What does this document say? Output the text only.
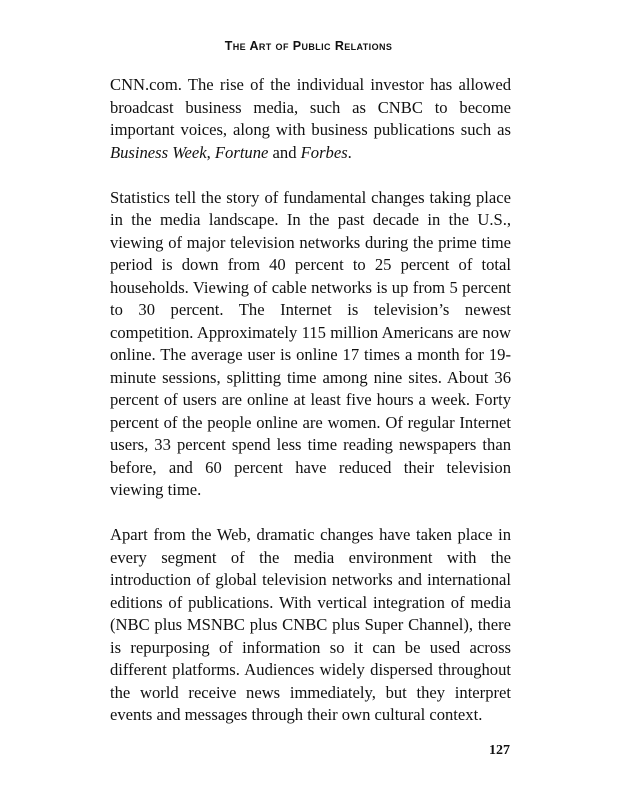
The Art of Public Relations

CNN.com. The rise of the individual investor has allowed broadcast business media, such as CNBC to become important voices, along with business publications such as Business Week, Fortune and Forbes.

Statistics tell the story of fundamental changes taking place in the media landscape. In the past decade in the U.S., viewing of major television networks during the prime time period is down from 40 percent to 25 percent of total households. Viewing of cable networks is up from 5 percent to 30 percent. The Internet is television’s newest competition. Approximately 115 million Americans are now online. The average user is online 17 times a month for 19-minute sessions, splitting time among nine sites. About 36 percent of users are online at least five hours a week. Forty percent of the people online are women. Of regular Internet users, 33 percent spend less time reading newspapers than before, and 60 percent have reduced their television viewing time.

Apart from the Web, dramatic changes have taken place in every segment of the media environment with the introduction of global television networks and international editions of publications. With vertical integration of media (NBC plus MSNBC plus CNBC plus Super Channel), there is repurposing of information so it can be used across different platforms. Audiences widely dispersed throughout the world receive news immediately, but they interpret events and messages through their own cultural context.

127
